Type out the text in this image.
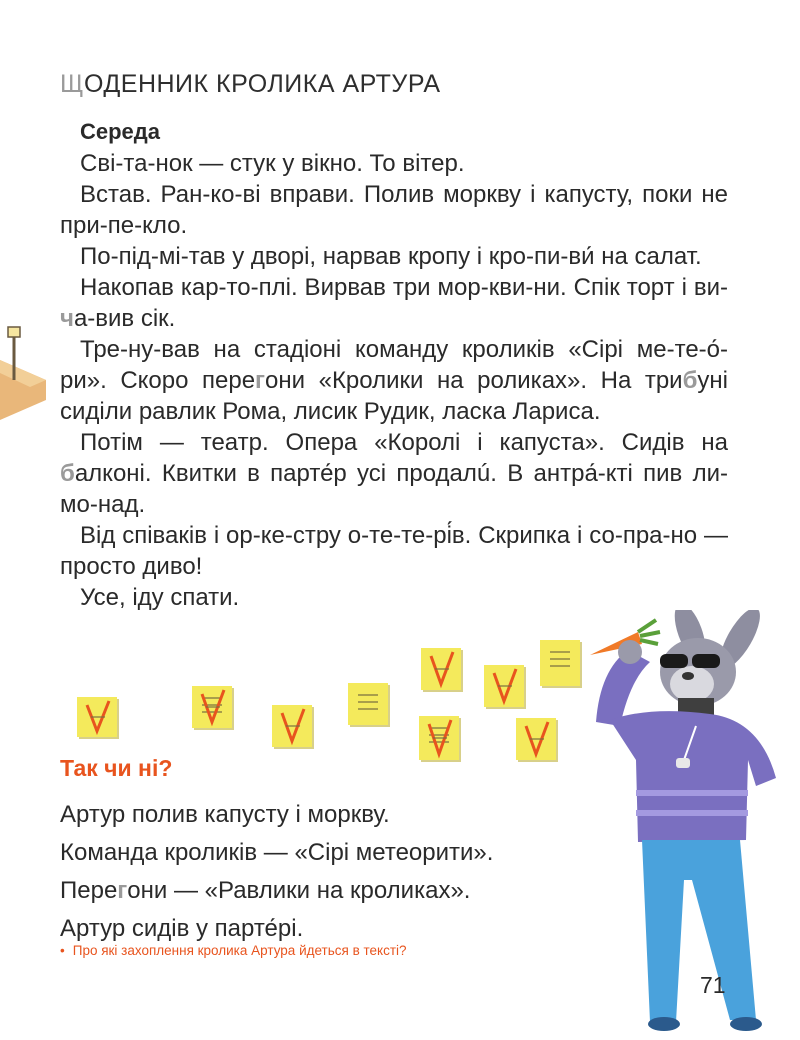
ЩОДЕННИК КРОЛИКА АРТУРА
Середа

Сві-та-нок — стук у вікно. То вітер.

Встав. Ран-ко-ві вправи. Полив моркву і капусту, поки не при-пе-кло.

По-під-мі-тав у дворі, нарвав кропу і кро-пи-ви́ на салат.

Накопав кар-то-плі. Вирвав три мор-кви-ни. Спік торт і ви-ча-вив сік.

Тре-ну-вав на стадіоні команду кроликів «Сірі ме-те-о́-ри». Скоро перегони «Кролики на роликах». На трибуні сиділи равлик Рома, лисик Рудик, ласка Лариса.

Потім — театр. Опера «Королі і капуста». Сидів на балконі. Квитки в парте́р усі продалú. В антра́-кті пив ли-мо-над.

Від співаків і ор-ке-стру о-те-те-рі́в. Скрипка і со-пра-но — просто диво!

Усе, іду спати.

Так чи ні?
Артур полив капусту і моркву.
Команда кроликів — «Сірі метеорити».
Перегони — «Равлики на кроликах».
Артур сидів у парте́рі.
• Про які захоплення кролика Артура йдеться в тексті?
71
